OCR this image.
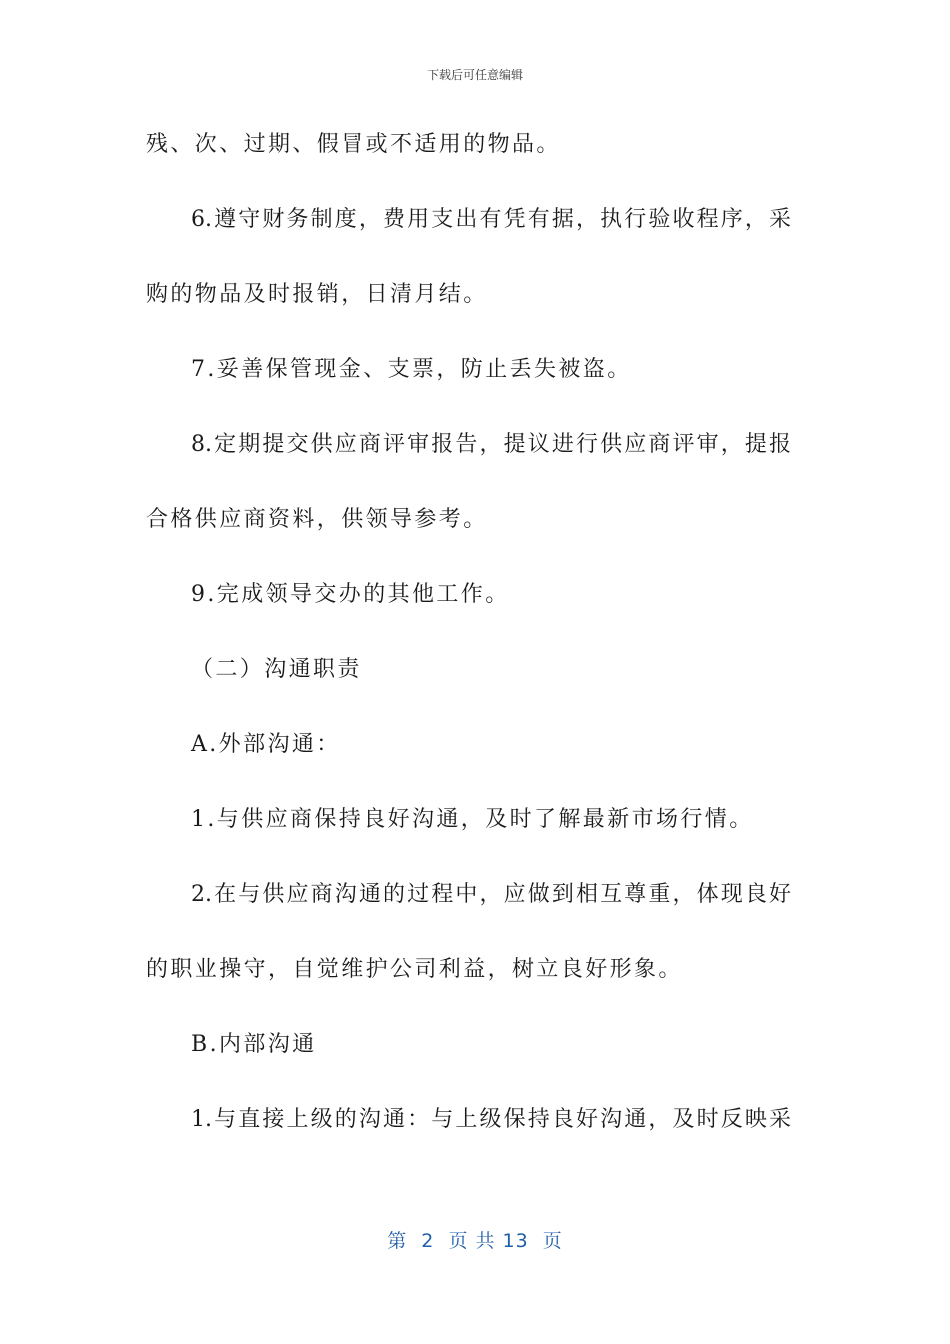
下载后可任意编辑
残、次、过期、假冒或不适用的物品。
6.遵守财务制度，费用支出有凭有据，执行验收程序，采
购的物品及时报销，日清月结。
7.妥善保管现金、支票，防止丢失被盗。
8.定期提交供应商评审报告，提议进行供应商评审，提报
合格供应商资料，供领导参考。
9.完成领导交办的其他工作。
（二）沟通职责
A.外部沟通：
1.与供应商保持良好沟通，及时了解最新市场行情。
2.在与供应商沟通的过程中，应做到相互尊重，体现良好
的职业操守，自觉维护公司利益，树立良好形象。
B.内部沟通
1.与直接上级的沟通：与上级保持良好沟通，及时反映采
第  2  页 共 13  页
